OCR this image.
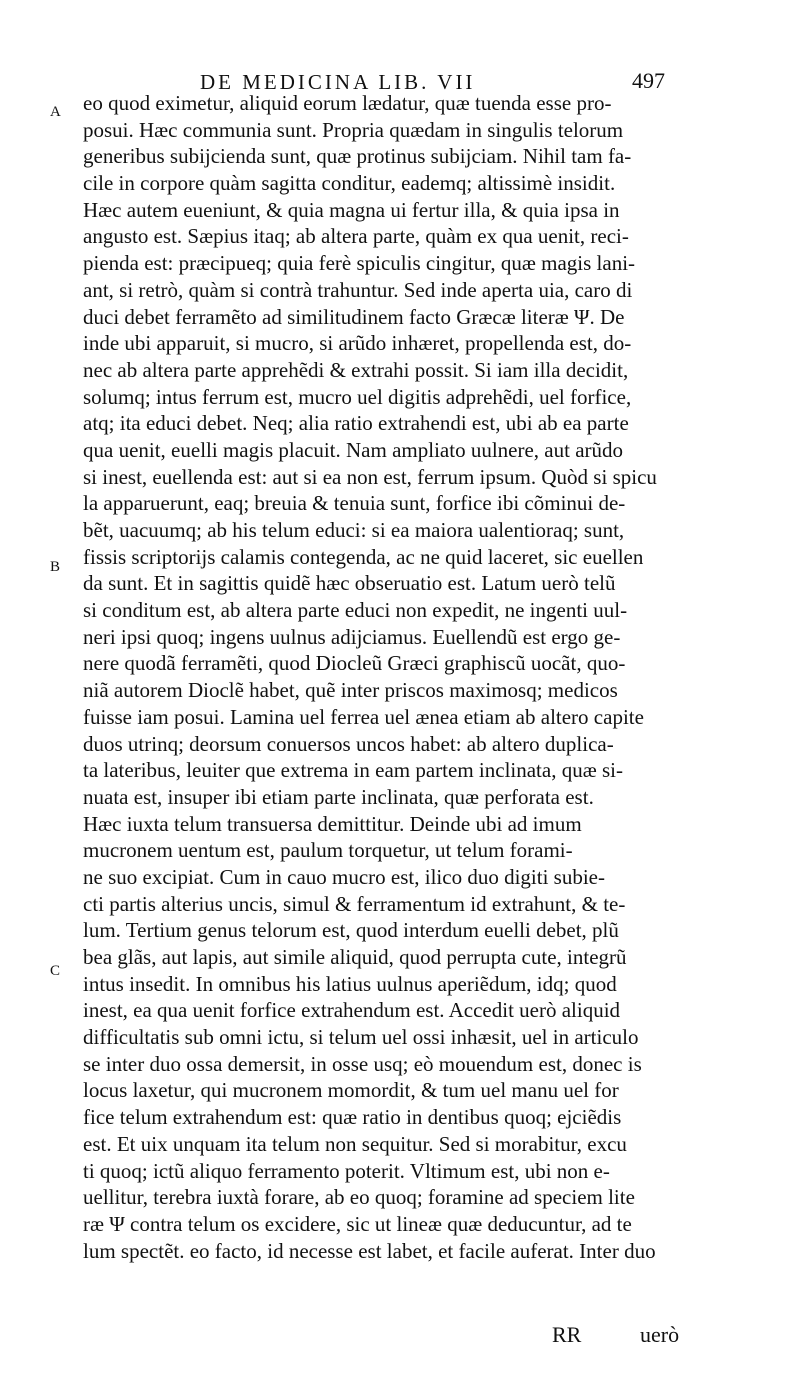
DE MEDICINA LIB. VII	497
A
B
C
eo quod eximetur, aliquid eorum lædatur, quæ tuenda esse pro-
posui. Hæc communia sunt. Propria quædam in singulis telorum
generibus subijcienda sunt, quæ protinus subijciam. Nihil tam fa-
cile in corpore quàm sagitta conditur, eademq; altissimè insidit.
Hæc autem eueniunt, & quia magna ui fertur illa, & quia ipsa in
angusto est. Sæpius itaq; ab altera parte, quàm ex qua uenit, reci-
pienda est: præcipueq; quia ferè spiculis cingitur, quæ magis lani-
ant, si retrò, quàm si contrà trahuntur. Sed inde aperta uia, caro di
duci debet ferramẽto ad similitudinem facto Græcæ literæ Ψ. De
inde ubi apparuit, si mucro, si arũdo inhæret, propellenda est, do-
nec ab altera parte apprehẽdi & extrahi possit. Si iam illa decidit,
solumq; intus ferrum est, mucro uel digitis adprehẽdi, uel forfice,
atq; ita educi debet. Neq; alia ratio extrahendi est, ubi ab ea parte
qua uenit, euelli magis placuit. Nam ampliato uulnere, aut arũdo
si inest, euellenda est: aut si ea non est, ferrum ipsum. Quòd si spicu
la apparuerunt, eaq; breuia & tenuia sunt, forfice ibi cõminui de-
bẽt, uacuumq; ab his telum educi: si ea maiora ualentioraq; sunt,
fissis scriptorijs calamis contegenda, ac ne quid laceret, sic euellen
da sunt. Et in sagittis quidẽ hæc obseruatio est. Latum uerò telũ
si conditum est, ab altera parte educi non expedit, ne ingenti uul-
neri ipsi quoq; ingens uulnus adijciamus. Euellendũ est ergo ge-
nere quodã ferramẽti, quod Diocleũ Græci graphiscũ uocãt, quo-
niã autorem Dioclẽ habet, quẽ inter priscos maximosq; medicos
fuisse iam posui. Lamina uel ferrea uel ænea etiam ab altero capite
duos utrinq; deorsum conuersos uncos habet: ab altero duplica-
ta lateribus, leuiter que extrema in eam partem inclinata, quæ si-
nuata est, insuper ibi etiam parte inclinata, quæ perforata est.
Hæc iuxta telum transuersa demittitur. Deinde ubi ad imum
mucronem uentum est, paulum torquetur, ut telum forami-
ne suo excipiat. Cum in cauo mucro est, ilico duo digiti subie-
cti partis alterius uncis, simul & ferramentum id extrahunt, & te-
lum. Tertium genus telorum est, quod interdum euelli debet, plũ
bea glãs, aut lapis, aut simile aliquid, quod perrupta cute, integrũ
intus insedit. In omnibus his latius uulnus aperiẽdum, idq; quod
inest, ea qua uenit forfice extrahendum est. Accedit uerò aliquid
difficultatis sub omni ictu, si telum uel ossi inhæsit, uel in articulo
se inter duo ossa demersit, in osse usq; eò mouendum est, donec is
locus laxetur, qui mucronem momordit, & tum uel manu uel for
fice telum extrahendum est: quæ ratio in dentibus quoq; ejciẽdis
est. Et uix unquam ita telum non sequitur. Sed si morabitur, excu
ti quoq; ictũ aliquo ferramento poterit. Vltimum est, ubi non e-
uellitur, terebra iuxtà forare, ab eo quoq; foramine ad speciem lite
ræ Ψ contra telum os excidere, sic ut lineæ quæ deducuntur, ad te
lum spectẽt. eo facto, id necesse est labet, et facile auferat. Inter duo
RR	uerò
